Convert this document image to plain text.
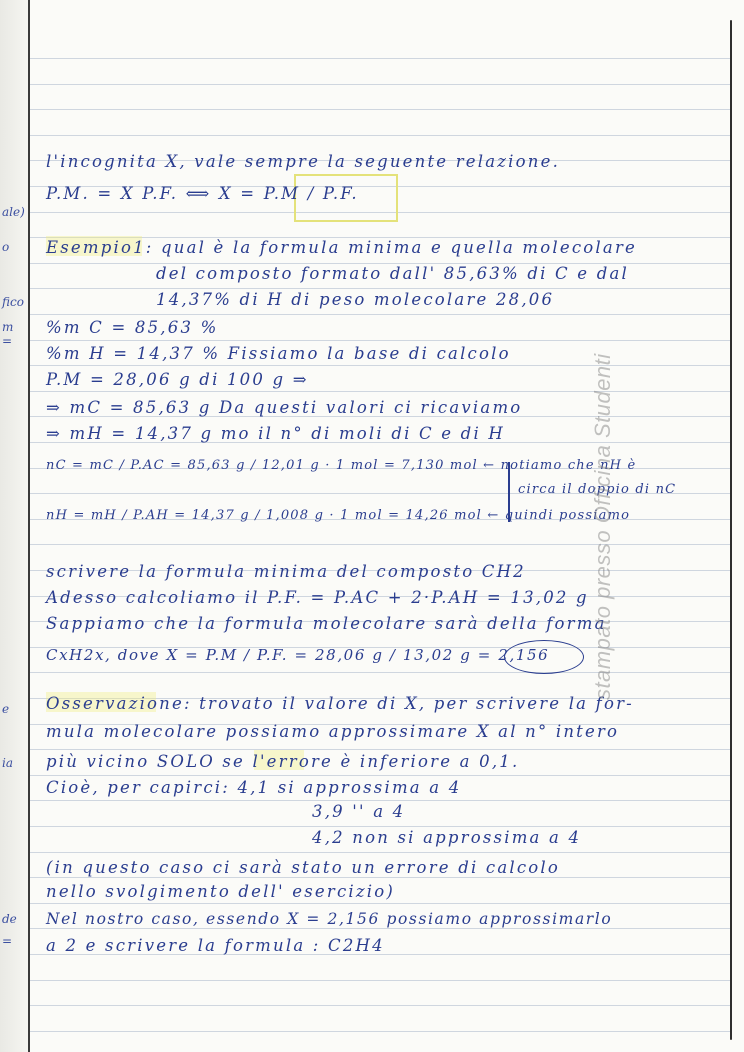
ale)
o
fico
m
=
e
ia
de
=
l'incognita X, vale sempre la seguente relazione.
P.M. = X P.F. ⟺ X = P.M / P.F.
Esempio1: qual è la formula minima e quella molecolare
del composto formato dall' 85,63% di C e dal
14,37% di H di peso molecolare 28,06
%m C = 85,63 %
%m H = 14,37 % Fissiamo la base di calcolo
P.M = 28,06 g di 100 g ⇒
⇒ mC = 85,63 g Da questi valori ci ricaviamo
⇒ mH = 14,37 g mo il n° di moli di C e di H
nC = mC / P.AC = 85,63 g / 12,01 g · 1 mol = 7,130 mol ← notiamo che nH è
circa il doppio di nC
nH = mH / P.AH = 14,37 g / 1,008 g · 1 mol = 14,26 mol ← quindi possiamo
scrivere la formula minima del composto CH2
Adesso calcoliamo il P.F. = P.AC + 2·P.AH = 13,02 g
Sappiamo che la formula molecolare sarà della forma
CxH2x, dove X = P.M / P.F. = 28,06 g / 13,02 g = 2,156
Osservazione: trovato il valore di X, per scrivere la for-
mula molecolare possiamo approssimare X al n° intero
più vicino SOLO se l'errore è inferiore a 0,1.
Cioè, per capirci: 4,1 si approssima a 4
3,9 '' a 4
4,2 non si approssima a 4
(in questo caso ci sarà stato un errore di calcolo
nello svolgimento dell' esercizio)
Nel nostro caso, essendo X = 2,156 possiamo approssimarlo
a 2 e scrivere la formula : C2H4
stampato presso Officina Studenti
